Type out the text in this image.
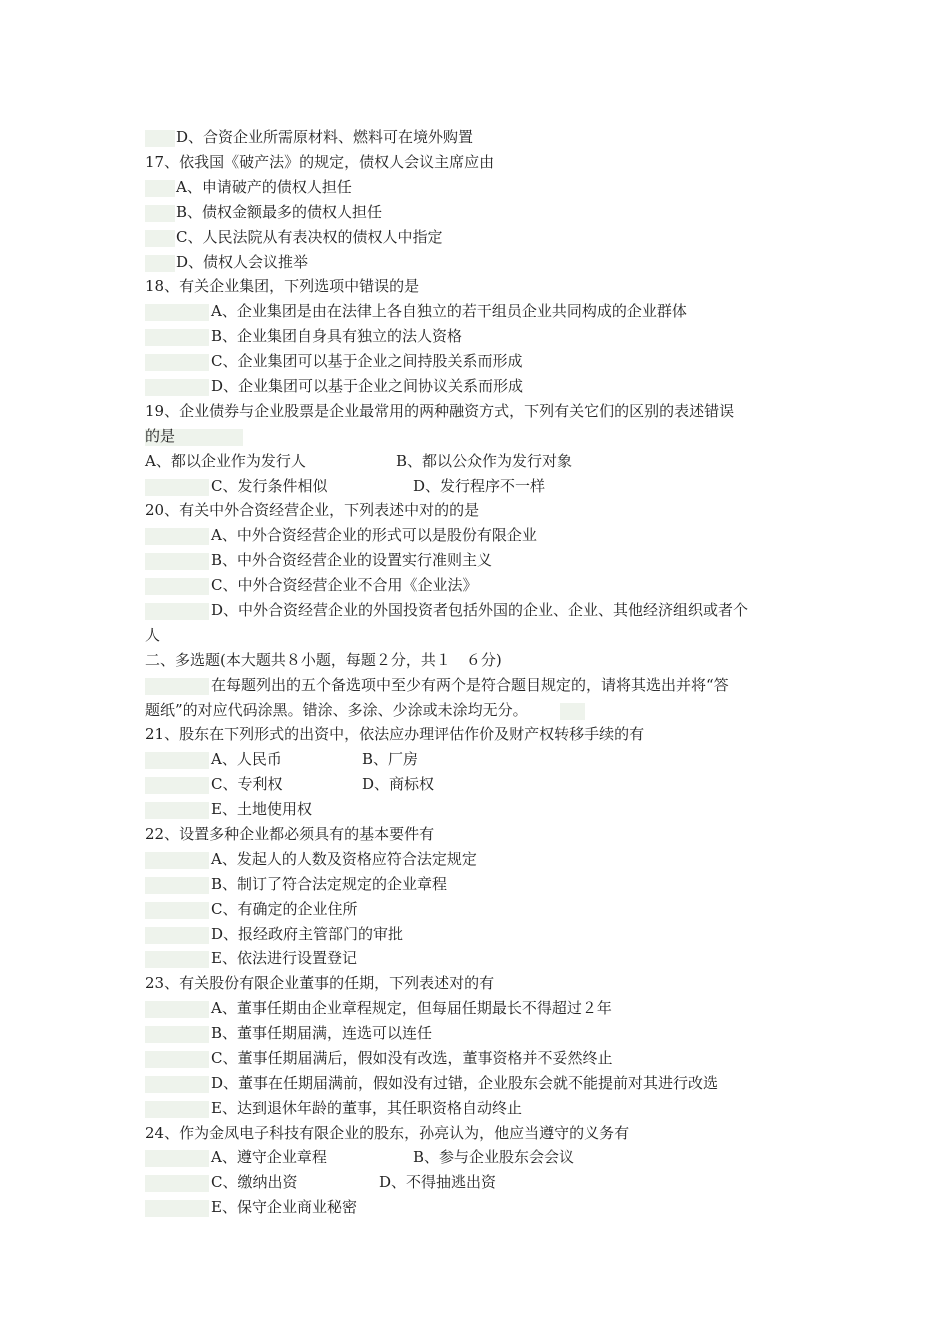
D、合资企业所需原材料、燃料可在境外购置
17、依我国《破产法》的规定，债权人会议主席应由
A、申请破产的债权人担任
B、债权金额最多的债权人担任
C、人民法院从有表决权的债权人中指定
D、债权人会议推举
18、有关企业集团，下列选项中错误的是
A、企业集团是由在法律上各自独立的若干组员企业共同构成的企业群体
B、企业集团自身具有独立的法人资格
C、企业集团可以基于企业之间持股关系而形成
D、企业集团可以基于企业之间协议关系而形成
19、企业债券与企业股票是企业最常用的两种融资方式，下列有关它们的区别的表述错误
的是
A、都以企业作为发行人	B、都以公众作为发行对象
C、发行条件相似	D、发行程序不一样
20、有关中外合资经营企业，下列表述中对的的是
A、中外合资经营企业的形式可以是股份有限企业
B、中外合资经营企业的设置实行准则主义
C、中外合资经营企业不合用《企业法》
D、中外合资经营企业的外国投资者包括外国的企业、企业、其他经济组织或者个
人
二、多选题(本大题共８小题，每题２分，共１　６分)
在每题列出的五个备选项中至少有两个是符合题目规定的，请将其选出并将“答
题纸”的对应代码涂黑。错涂、多涂、少涂或未涂均无分。
21、股东在下列形式的出资中，依法应办理评估作价及财产权转移手续的有
A、人民币	B、厂房
C、专利权	D、商标权
E、土地使用权
22、设置多种企业都必须具有的基本要件有
A、发起人的人数及资格应符合法定规定
B、制订了符合法定规定的企业章程
C、有确定的企业住所
D、报经政府主管部门的审批
E、依法进行设置登记
23、有关股份有限企业董事的任期，下列表述对的有
A、董事任期由企业章程规定，但每届任期最长不得超过２年
B、董事任期届满，连选可以连任
C、董事任期届满后，假如没有改选，董事资格并不妥然终止
D、董事在任期届满前，假如没有过错，企业股东会就不能提前对其进行改选
E、达到退休年龄的董事，其任职资格自动终止
24、作为金凤电子科技有限企业的股东，孙亮认为，他应当遵守的义务有
A、遵守企业章程	B、参与企业股东会会议
C、缴纳出资	D、不得抽逃出资
E、保守企业商业秘密
